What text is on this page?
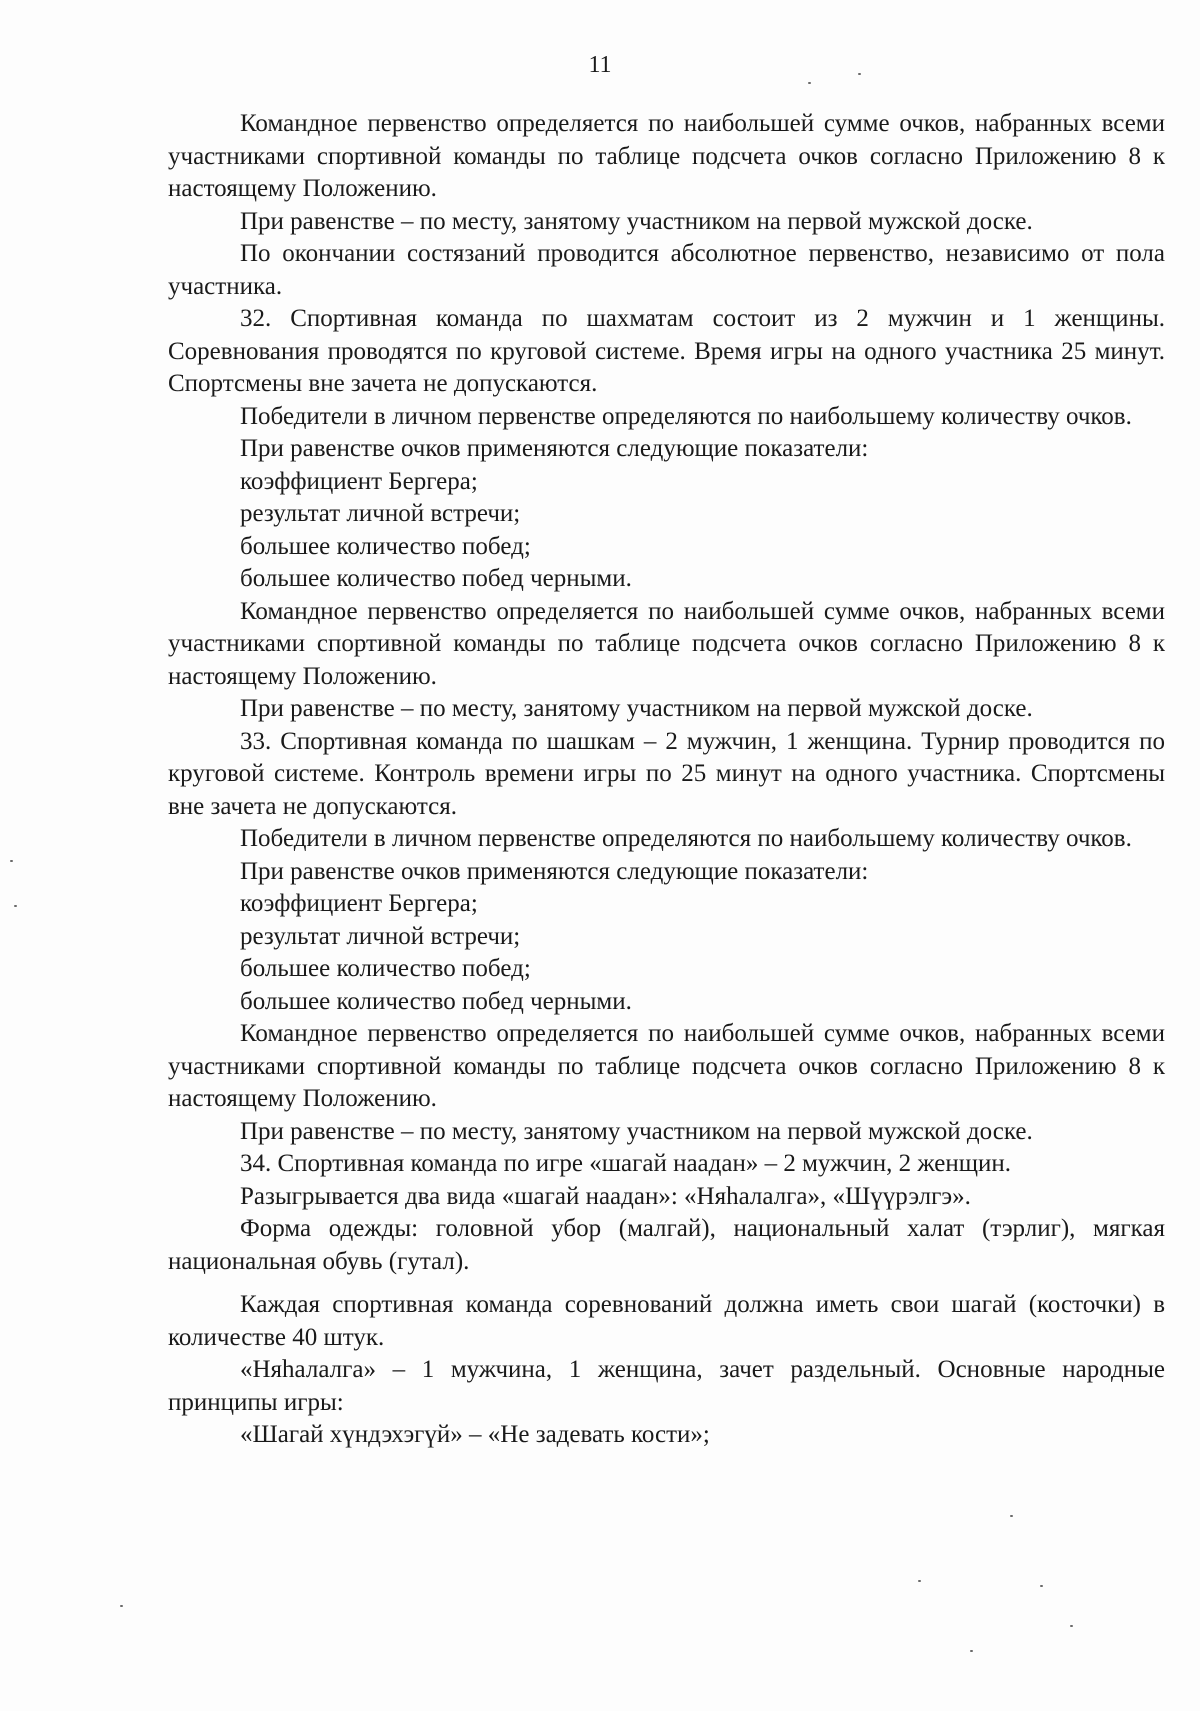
11

Командное первенство определяется по наибольшей сумме очков, набранных всеми участниками спортивной команды по таблице подсчета очков согласно Приложению 8 к настоящему Положению.

При равенстве – по месту, занятому участником на первой мужской доске.

По окончании состязаний проводится абсолютное первенство, независимо от пола участника.

32. Спортивная команда по шахматам состоит из 2 мужчин и 1 женщины. Соревнования проводятся по круговой системе. Время игры на одного участника 25 минут. Спортсмены вне зачета не допускаются.

Победители в личном первенстве определяются по наибольшему количеству очков.

При равенстве очков применяются следующие показатели:

коэффициент Бергера;

результат личной встречи;

большее количество побед;

большее количество побед черными.

Командное первенство определяется по наибольшей сумме очков, набранных всеми участниками спортивной команды по таблице подсчета очков согласно Приложению 8 к настоящему Положению.

При равенстве – по месту, занятому участником на первой мужской доске.

33. Спортивная команда по шашкам – 2 мужчин, 1 женщина. Турнир проводится по круговой системе. Контроль времени игры по 25 минут на одного участника. Спортсмены вне зачета не допускаются.

Победители в личном первенстве определяются по наибольшему количеству очков.

При равенстве очков применяются следующие показатели:

коэффициент Бергера;

результат личной встречи;

большее количество побед;

большее количество побед черными.

Командное первенство определяется по наибольшей сумме очков, набранных всеми участниками спортивной команды по таблице подсчета очков согласно Приложению 8 к настоящему Положению.

При равенстве – по месту, занятому участником на первой мужской доске.

34. Спортивная команда по игре «шагай наадан» – 2 мужчин, 2 женщин.

Разыгрывается два вида «шагай наадан»: «Няhалалга», «Шүүрэлгэ».

Форма одежды: головной убор (малгай), национальный халат (тэрлиг), мягкая национальная обувь (гутал).

Каждая спортивная команда соревнований должна иметь свои шагай (косточки) в количестве 40 штук.

«Няhалалга» – 1 мужчина, 1 женщина, зачет раздельный. Основные народные принципы игры:

«Шагай хүндэхэгүй» – «Не задевать кости»;
